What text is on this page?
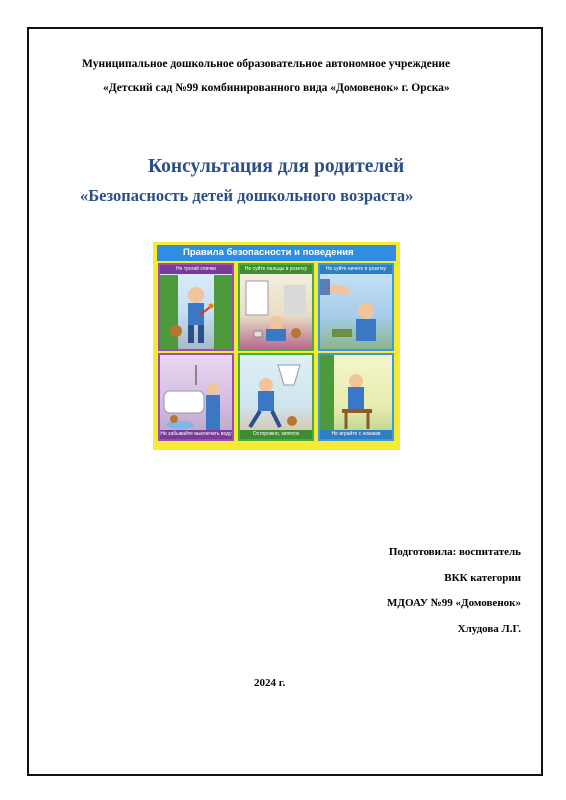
Муниципальное дошкольное образовательное автономное учреждение
«Детский сад №99 комбинированного вида «Домовенок» г. Орска»
Консультация для родителей
«Безопасность детей дошкольного возраста»
Правила безопасности и поведения
Не трогай спички	Не суйте пальцы в розетку	Не суйте ничего в розетку
Не забывайте выключать воду	Осторожно, кипяток	Не играйте с ножами
Подготовила: воспитатель
ВКК категории
МДОАУ №99 «Домовенок»
Хлудова Л.Г.
2024 г.
